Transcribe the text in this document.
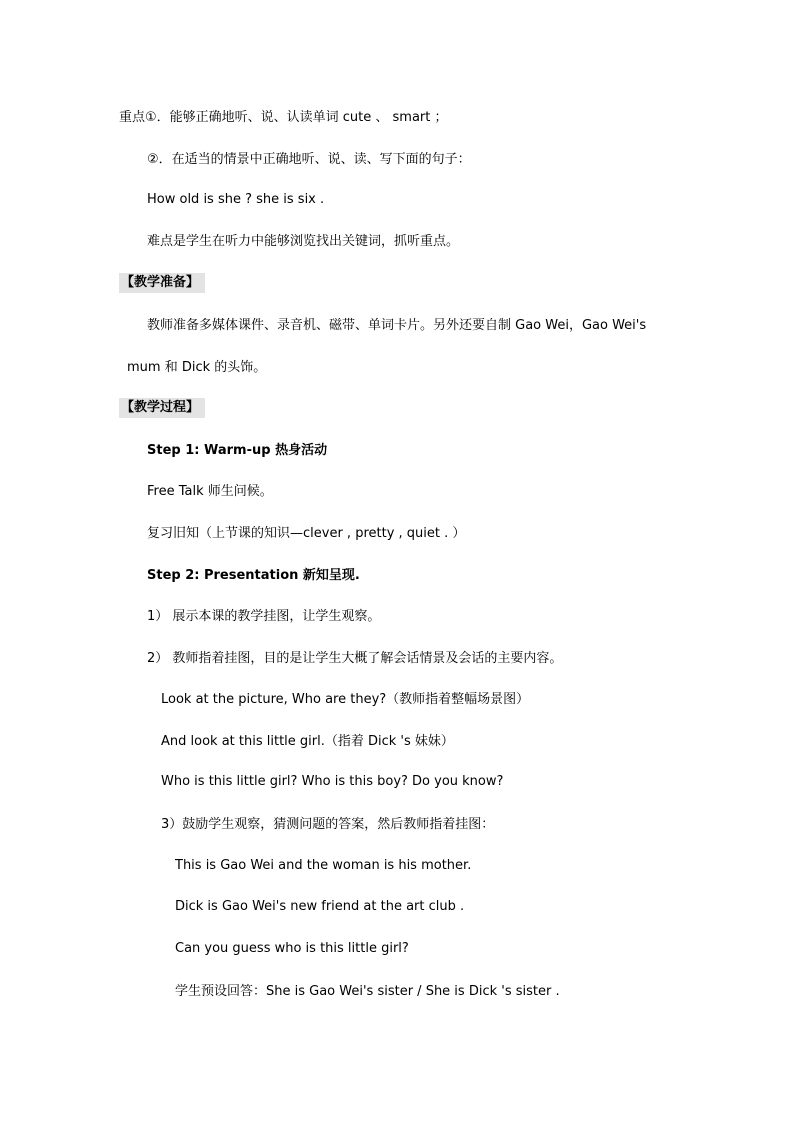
重点①．能够正确地听、说、认读单词 cute 、 smart ；
②．在适当的情景中正确地听、说、读、写下面的句子：
How old is she ? she is six .
难点是学生在听力中能够浏览找出关键词，抓听重点。
【教学准备】
教师准备多媒体课件、录音机、磁带、单词卡片。另外还要自制 Gao Wei，Gao Wei's
mum 和 Dick 的头饰。
【教学过程】
Step 1: Warm-up 热身活动
Free Talk 师生问候。
复习旧知（上节课的知识—clever , pretty , quiet . ）
Step 2: Presentation 新知呈现.
1） 展示本课的教学挂图，让学生观察。
2） 教师指着挂图，目的是让学生大概了解会话情景及会话的主要内容。
Look at the picture, Who are they?（教师指着整幅场景图）
And look at this little girl.（指着 Dick 's 妹妹）
Who is this little girl? Who is this boy? Do you know?
3）鼓励学生观察，猜测问题的答案，然后教师指着挂图：
This is Gao Wei and the woman is his mother.
Dick is Gao Wei's new friend at the art club .
Can you guess who is this little girl?
学生预设回答：She is Gao Wei's sister / She is Dick 's sister .
